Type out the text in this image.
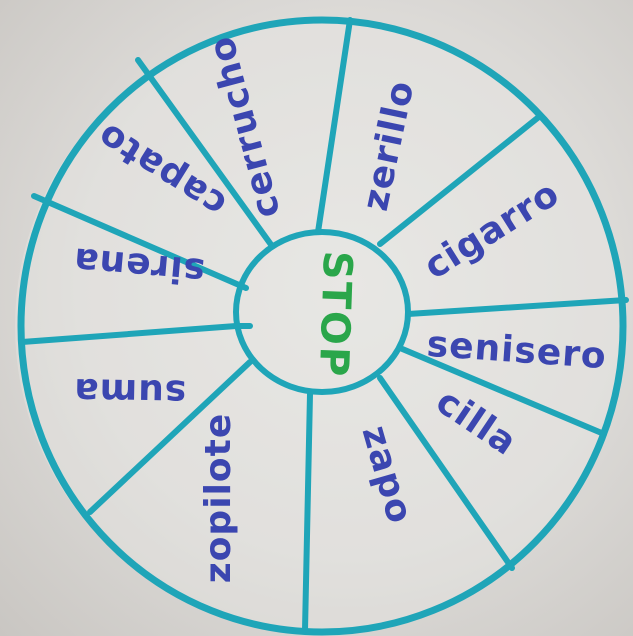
STOP
zerillo
cigarro
senisero
cilla
zapo
zopilote
suma
sirena
capato
cerrucho
